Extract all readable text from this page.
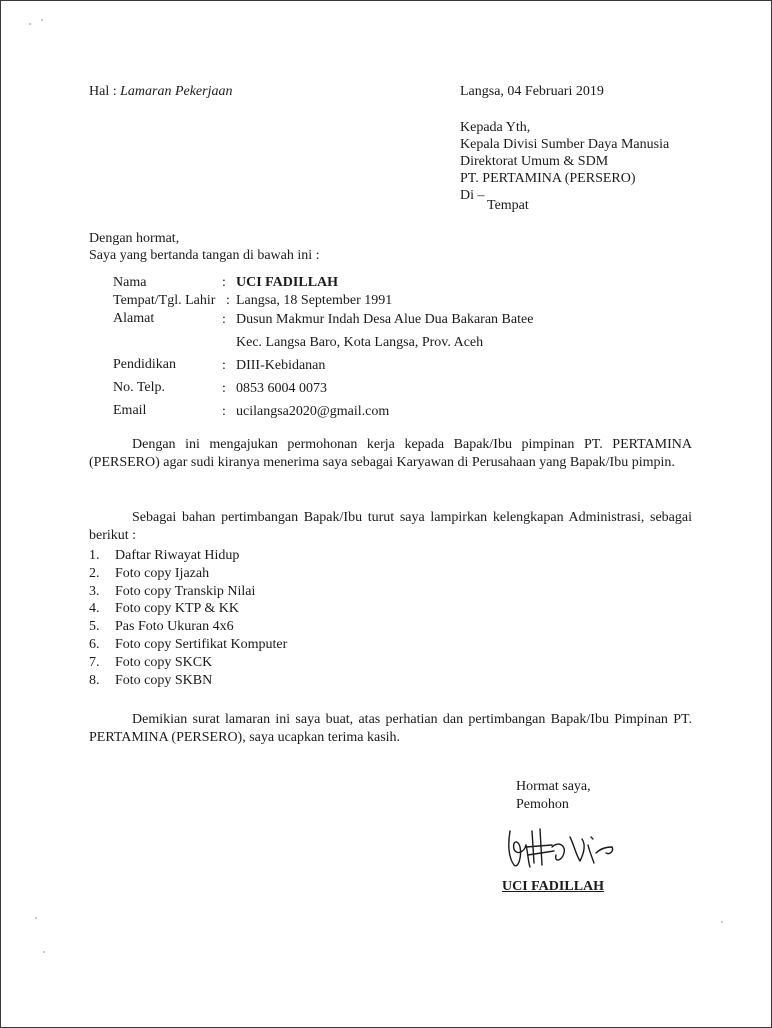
Hal : Lamaran Pekerjaan	Langsa, 04 Februari 2019
Kepada Yth,
Kepala Divisi Sumber Daya Manusia
Direktorat Umum & SDM
PT. PERTAMINA (PERSERO)
Di –
Tempat
Dengan hormat,
Saya yang bertanda tangan di bawah ini :
Nama	: UCI FADILLAH
Tempat/Tgl. Lahir : Langsa, 18 September 1991
Alamat	: Dusun Makmur Indah Desa Alue Dua Bakaran Batee
Kec. Langsa Baro, Kota Langsa, Prov. Aceh
Pendidikan	: DIII-Kebidanan
No. Telp.	: 0853 6004 0073
Email	: ucilangsa2020@gmail.com
Dengan ini mengajukan permohonan kerja kepada Bapak/Ibu pimpinan PT. PERTAMINA (PERSERO) agar sudi kiranya menerima saya sebagai Karyawan di Perusahaan yang Bapak/Ibu pimpin.
Sebagai bahan pertimbangan Bapak/Ibu turut saya lampirkan kelengkapan Administrasi, sebagai berikut :
1. Daftar Riwayat Hidup
2. Foto copy Ijazah
3. Foto copy Transkip Nilai
4. Foto copy KTP & KK
5. Pas Foto Ukuran 4x6
6. Foto copy Sertifikat Komputer
7. Foto copy SKCK
8. Foto copy SKBN
Demikian surat lamaran ini saya buat, atas perhatian dan pertimbangan Bapak/Ibu Pimpinan PT. PERTAMINA (PERSERO), saya ucapkan terima kasih.
Hormat saya,
Pemohon
UCI FADILLAH
